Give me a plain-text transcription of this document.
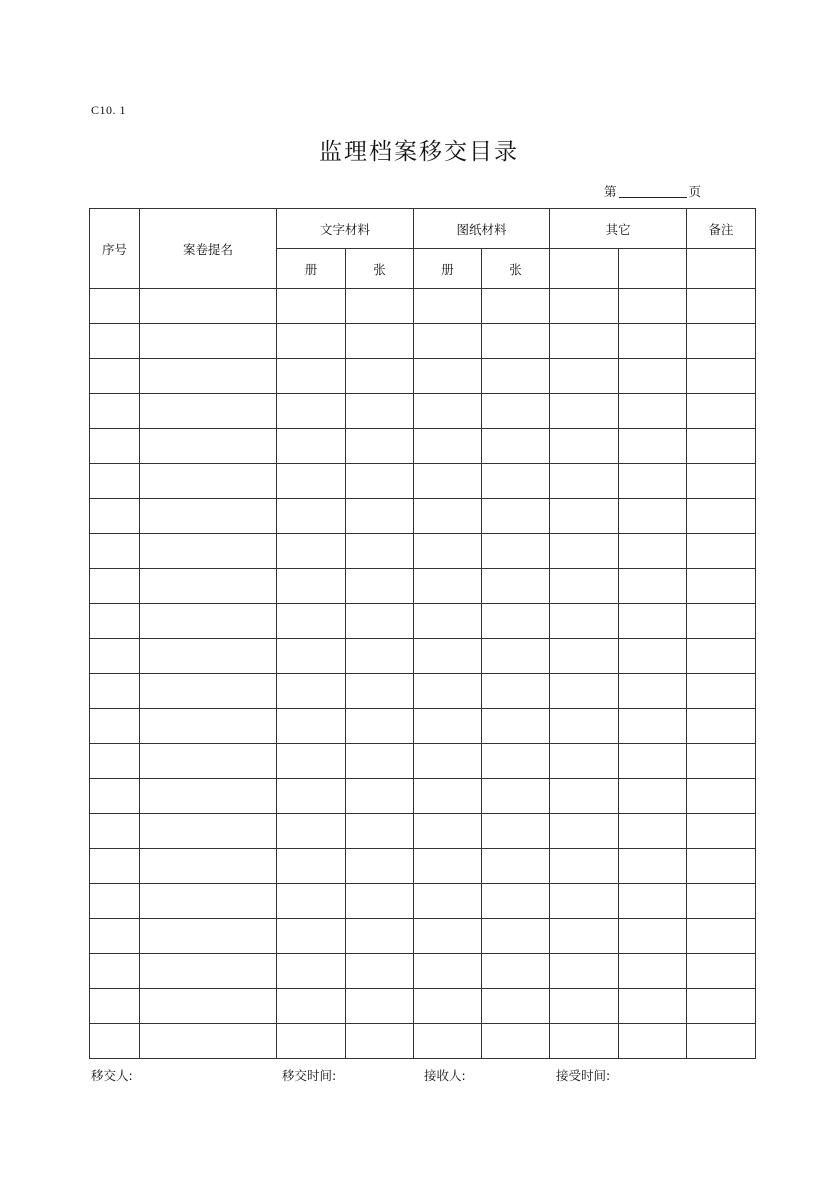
C10. 1
监理档案移交目录
第	页
序号	案卷提名	文字材料		图纸材料		其它		备注
		册	张	册	张			

移交人:	移交时间:	接收人:	接受时间:
